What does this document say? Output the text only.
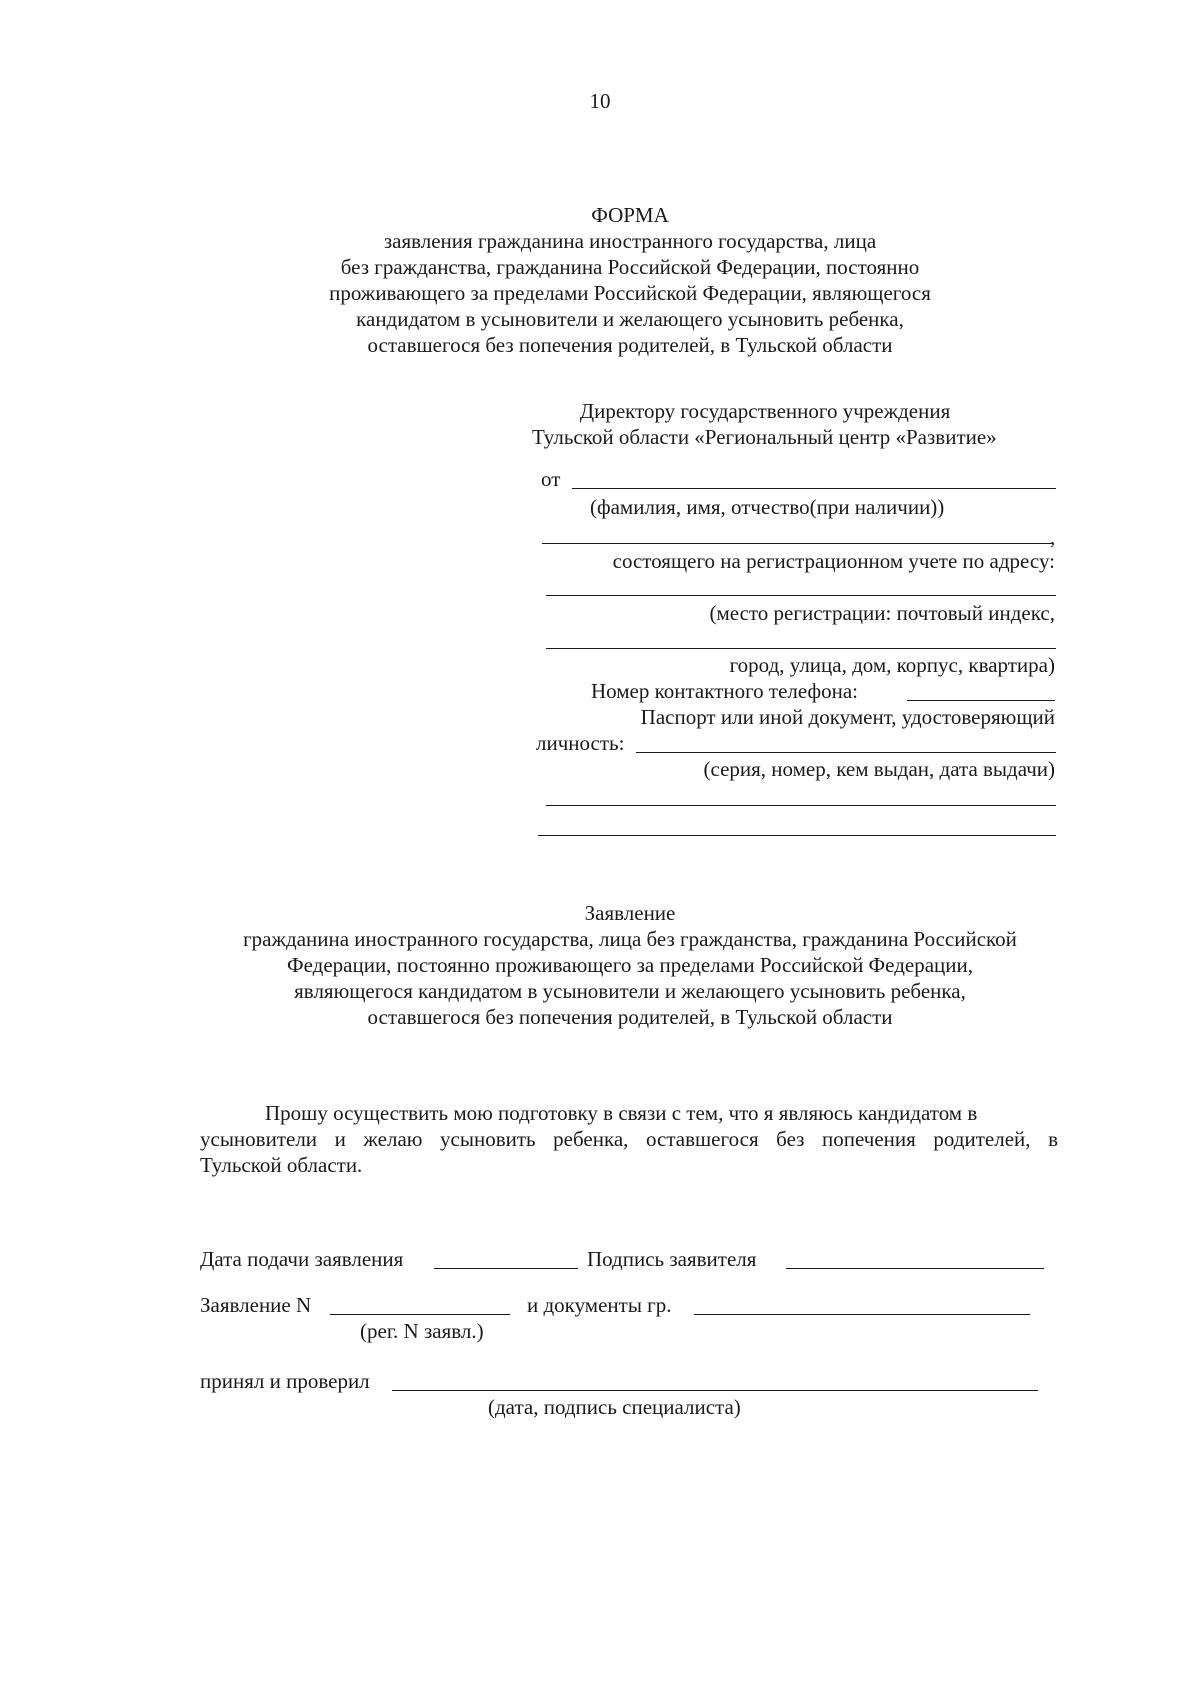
10
ФОРМА
заявления гражданина иностранного государства, лица
без гражданства, гражданина Российской Федерации, постоянно
проживающего за пределами Российской Федерации, являющегося
кандидатом в усыновители и желающего усыновить ребенка,
оставшегося без попечения родителей, в Тульской области
Директору государственного учреждения
Тульской области «Региональный центр «Развитие»
от
(фамилия, имя, отчество(при наличии))
,
состоящего на регистрационном учете по адресу:
(место регистрации: почтовый индекс,
город, улица, дом, корпус, квартира)
Номер контактного телефона:
Паспорт или иной документ, удостоверяющий
личность:
(серия, номер, кем выдан, дата выдачи)
Заявление
гражданина иностранного государства, лица без гражданства, гражданина Российской
Федерации, постоянно проживающего за пределами Российской Федерации,
являющегося кандидатом в усыновители и желающего усыновить ребенка,
оставшегося без попечения родителей, в Тульской области
Прошу осуществить мою подготовку в связи с тем, что я являюсь кандидатом в
усыновители и желаю усыновить ребенка, оставшегося без попечения родителей, в
Тульской области.
Дата подачи заявления	Подпись заявителя
Заявление N	и документы гр.
(рег. N заявл.)
принял и проверил
(дата, подпись специалиста)
